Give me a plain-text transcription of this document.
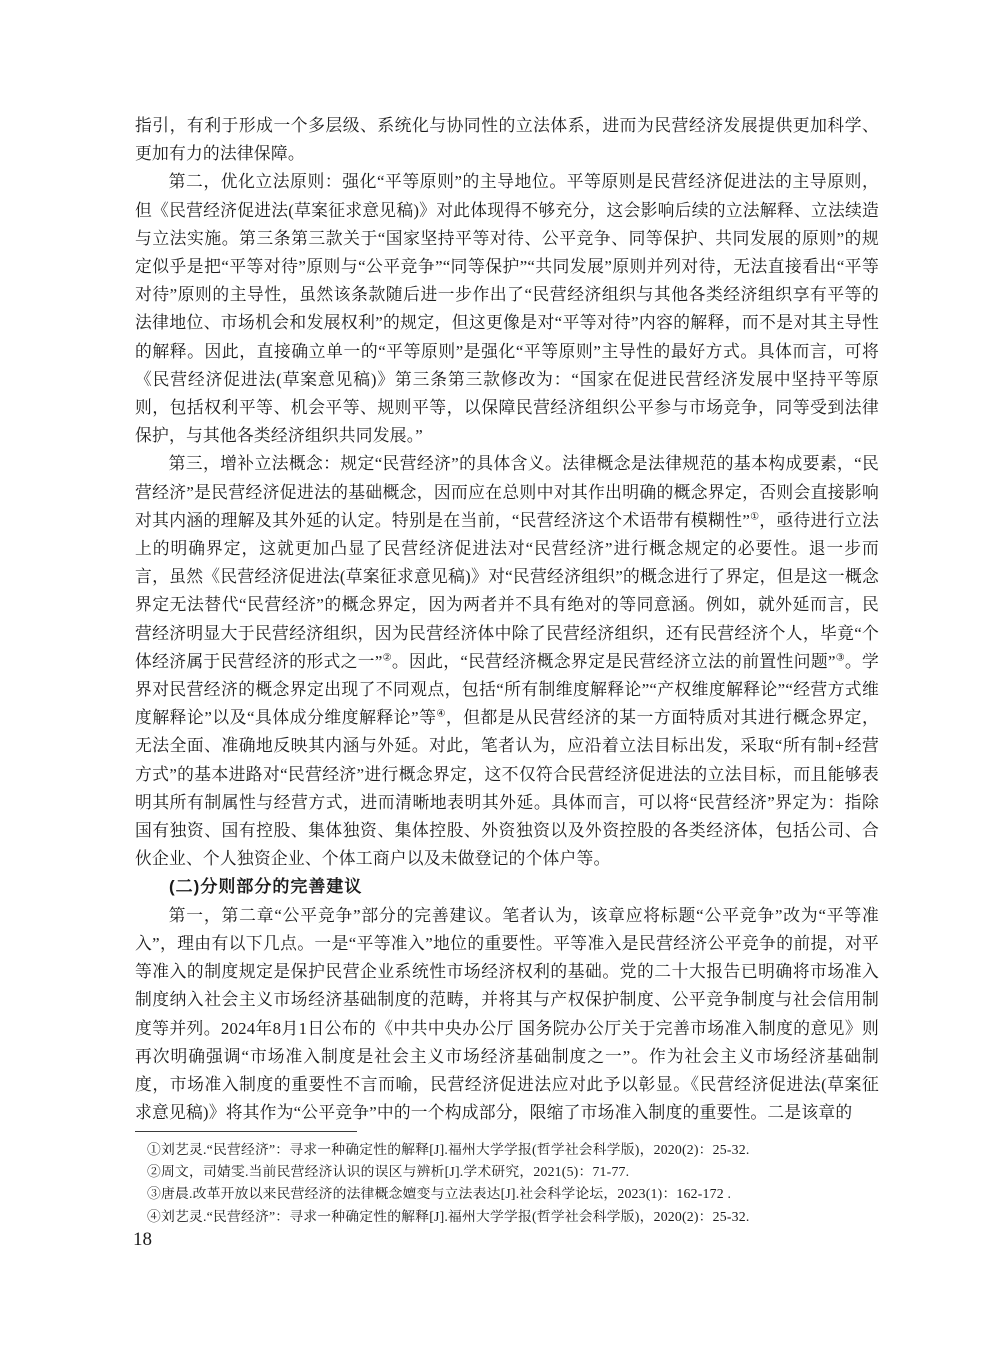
指引，有利于形成一个多层级、系统化与协同性的立法体系，进而为民营经济发展提供更加科学、更加有力的法律保障。

第二，优化立法原则：强化“平等原则”的主导地位。平等原则是民营经济促进法的主导原则，但《民营经济促进法(草案征求意见稿)》对此体现得不够充分，这会影响后续的立法解释、立法续造与立法实施。第三条第三款关于“国家坚持平等对待、公平竞争、同等保护、共同发展的原则”的规定似乎是把“平等对待”原则与“公平竞争”“同等保护”“共同发展”原则并列对待，无法直接看出“平等对待”原则的主导性，虽然该条款随后进一步作出了“民营经济组织与其他各类经济组织享有平等的法律地位、市场机会和发展权利”的规定，但这更像是对“平等对待”内容的解释，而不是对其主导性的解释。因此，直接确立单一的“平等原则”是强化“平等原则”主导性的最好方式。具体而言，可将《民营经济促进法(草案意见稿)》第三条第三款修改为：“国家在促进民营经济发展中坚持平等原则，包括权利平等、机会平等、规则平等，以保障民营经济组织公平参与市场竞争，同等受到法律保护，与其他各类经济组织共同发展。”

第三，增补立法概念：规定“民营经济”的具体含义。法律概念是法律规范的基本构成要素，“民营经济”是民营经济促进法的基础概念，因而应在总则中对其作出明确的概念界定，否则会直接影响对其内涵的理解及其外延的认定。特别是在当前，“民营经济这个术语带有模糊性”①，亟待进行立法上的明确界定，这就更加凸显了民营经济促进法对“民营经济”进行概念规定的必要性。退一步而言，虽然《民营经济促进法(草案征求意见稿)》对“民营经济组织”的概念进行了界定，但是这一概念界定无法替代“民营经济”的概念界定，因为两者并不具有绝对的等同意涵。例如，就外延而言，民营经济明显大于民营经济组织，因为民营经济体中除了民营经济组织，还有民营经济个人，毕竟“个体经济属于民营经济的形式之一”②。因此，“民营经济概念界定是民营经济立法的前置性问题”③。学界对民营经济的概念界定出现了不同观点，包括“所有制维度解释论”“产权维度解释论”“经营方式维度解释论”以及“具体成分维度解释论”等④，但都是从民营经济的某一方面特质对其进行概念界定，无法全面、准确地反映其内涵与外延。对此，笔者认为，应沿着立法目标出发，采取“所有制+经营方式”的基本进路对“民营经济”进行概念界定，这不仅符合民营经济促进法的立法目标，而且能够表明其所有制属性与经营方式，进而清晰地表明其外延。具体而言，可以将“民营经济”界定为：指除国有独资、国有控股、集体独资、集体控股、外资独资以及外资控股的各类经济体，包括公司、合伙企业、个人独资企业、个体工商户以及未做登记的个体户等。

(二)分则部分的完善建议

第一，第二章“公平竞争”部分的完善建议。笔者认为，该章应将标题“公平竞争”改为“平等准入”，理由有以下几点。一是“平等准入”地位的重要性。平等准入是民营经济公平竞争的前提，对平等准入的制度规定是保护民营企业系统性市场经济权利的基础。党的二十大报告已明确将市场准入制度纳入社会主义市场经济基础制度的范畴，并将其与产权保护制度、公平竞争制度与社会信用制度等并列。2024年8月1日公布的《中共中央办公厅 国务院办公厅关于完善市场准入制度的意见》则再次明确强调“市场准入制度是社会主义市场经济基础制度之一”。作为社会主义市场经济基础制度，市场准入制度的重要性不言而喻，民营经济促进法应对此予以彰显。《民营经济促进法(草案征求意见稿)》将其作为“公平竞争”中的一个构成部分，限缩了市场准入制度的重要性。二是该章的

①刘艺灵.“民营经济”：寻求一种确定性的解释[J].福州大学学报(哲学社会科学版)，2020(2)：25-32.

②周文，司婧雯.当前民营经济认识的误区与辨析[J].学术研究，2021(5)：71-77.

③唐晨.改革开放以来民营经济的法律概念嬗变与立法表达[J].社会科学论坛，2023(1)：162-172 .

④刘艺灵.“民营经济”：寻求一种确定性的解释[J].福州大学学报(哲学社会科学版)，2020(2)：25-32.

18
